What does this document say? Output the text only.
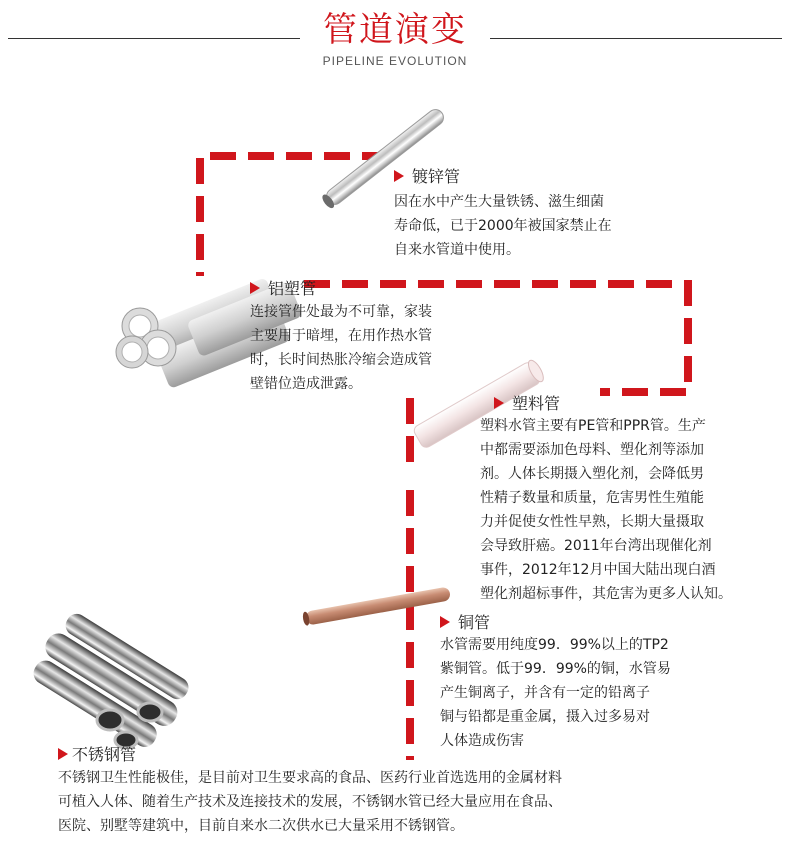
管道演变
PIPELINE EVOLUTION
镀锌管
因在水中产生大量铁锈、滋生细菌
寿命低，已于2000年被国家禁止在
自来水管道中使用。
铝塑管
连接管件处最为不可靠，家装
主要用于暗埋，在用作热水管
时，长时间热胀冷缩会造成管
壁错位造成泄露。
塑料管
塑料水管主要有PE管和PPR管。生产
中都需要添加色母料、塑化剂等添加
剂。人体长期摄入塑化剂，会降低男
性精子数量和质量，危害男性生殖能
力并促使女性性早熟，长期大量摄取
会导致肝癌。2011年台湾出现催化剂
事件，2012年12月中国大陆出现白酒
塑化剂超标事件，其危害为更多人认知。
铜管
水管需要用纯度99．99%以上的TP2
紫铜管。低于99．99%的铜，水管易
产生铜离子，并含有一定的铅离子
铜与铅都是重金属，摄入过多易对
人体造成伤害
不锈钢管
不锈钢卫生性能极佳，是目前对卫生要求高的食品、医药行业首选选用的金属材料
可植入人体、随着生产技术及连接技术的发展，不锈钢水管已经大量应用在食品、
医院、别墅等建筑中，目前自来水二次供水已大量采用不锈钢管。
